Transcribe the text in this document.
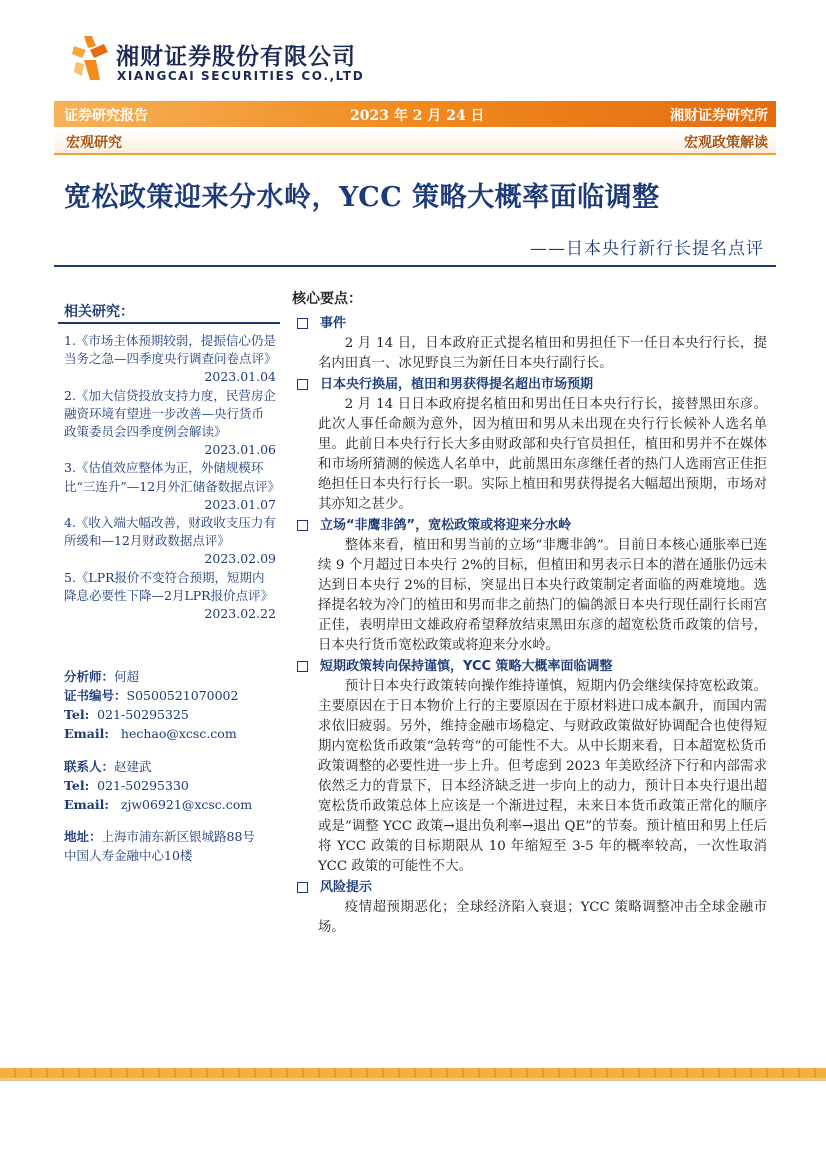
湘财证券股份有限公司
XIANGCAI SECURITIES CO.,LTD
证券研究报告	2023 年 2 月 24 日	湘财证券研究所
宏观研究	宏观政策解读
宽松政策迎来分水岭，YCC 策略大概率面临调整
——日本央行新行长提名点评
相关研究：
1.《市场主体预期较弱，提振信心仍是当务之急—四季度央行调查问卷点评》
2023.01.04
2.《加大信贷投放支持力度，民营房企融资环境有望进一步改善—央行货币政策委员会四季度例会解读》
2023.01.06
3.《估值效应整体为正，外储规模环比“三连升”—12月外汇储备数据点评》
2023.01.07
4.《收入端大幅改善，财政收支压力有所缓和—12月财政数据点评》
2023.02.09
5.《LPR报价不变符合预期，短期内降息必要性下降—2月LPR报价点评》
2023.02.22
分析师：何超
证书编号：S0500521070002
Tel: 021-50295325
Email: hechao@xcsc.com
联系人：赵建武
Tel: 021-50295330
Email: zjw06921@xcsc.com
地址：上海市浦东新区银城路88号
中国人寿金融中心10楼
核心要点：
事件

2 月 14 日，日本政府正式提名植田和男担任下一任日本央行行长，提名内田真一、冰见野良三为新任日本央行副行长。

日本央行换届，植田和男获得提名超出市场预期

2 月 14 日日本政府提名植田和男出任日本央行行长，接替黑田东彦。此次人事任命颇为意外，因为植田和男从未出现在央行行长候补人选名单里。此前日本央行行长大多由财政部和央行官员担任，植田和男并不在媒体和市场所猜测的候选人名单中，此前黑田东彦继任者的热门人选雨宫正佳拒绝担任日本央行行长一职。实际上植田和男获得提名大幅超出预期，市场对其亦知之甚少。

立场“非鹰非鸽”，宽松政策或将迎来分水岭

整体来看，植田和男当前的立场“非鹰非鸽”。目前日本核心通胀率已连续 9 个月超过日本央行 2%的目标，但植田和男表示日本的潜在通胀仍远未达到日本央行 2%的目标，突显出日本央行政策制定者面临的两难境地。选择提名较为冷门的植田和男而非之前热门的偏鸽派日本央行现任副行长雨宫正佳，表明岸田文雄政府希望释放结束黑田东彦的超宽松货币政策的信号，日本央行货币宽松政策或将迎来分水岭。

短期政策转向保持谨慎，YCC 策略大概率面临调整

预计日本央行政策转向操作维持谨慎，短期内仍会继续保持宽松政策。主要原因在于日本物价上行的主要原因在于原材料进口成本飙升，而国内需求依旧疲弱。另外，维持金融市场稳定、与财政政策做好协调配合也使得短期内宽松货币政策“急转弯”的可能性不大。从中长期来看，日本超宽松货币政策调整的必要性进一步上升。但考虑到 2023 年美欧经济下行和内部需求依然乏力的背景下，日本经济缺乏进一步向上的动力，预计日本央行退出超宽松货币政策总体上应该是一个渐进过程，未来日本货币政策正常化的顺序或是“调整 YCC 政策→退出负利率→退出 QE”的节奏。预计植田和男上任后将 YCC 政策的目标期限从 10 年缩短至 3-5 年的概率较高，一次性取消 YCC 政策的可能性不大。

风险提示

疫情超预期恶化；全球经济陷入衰退；YCC 策略调整冲击全球金融市场。
